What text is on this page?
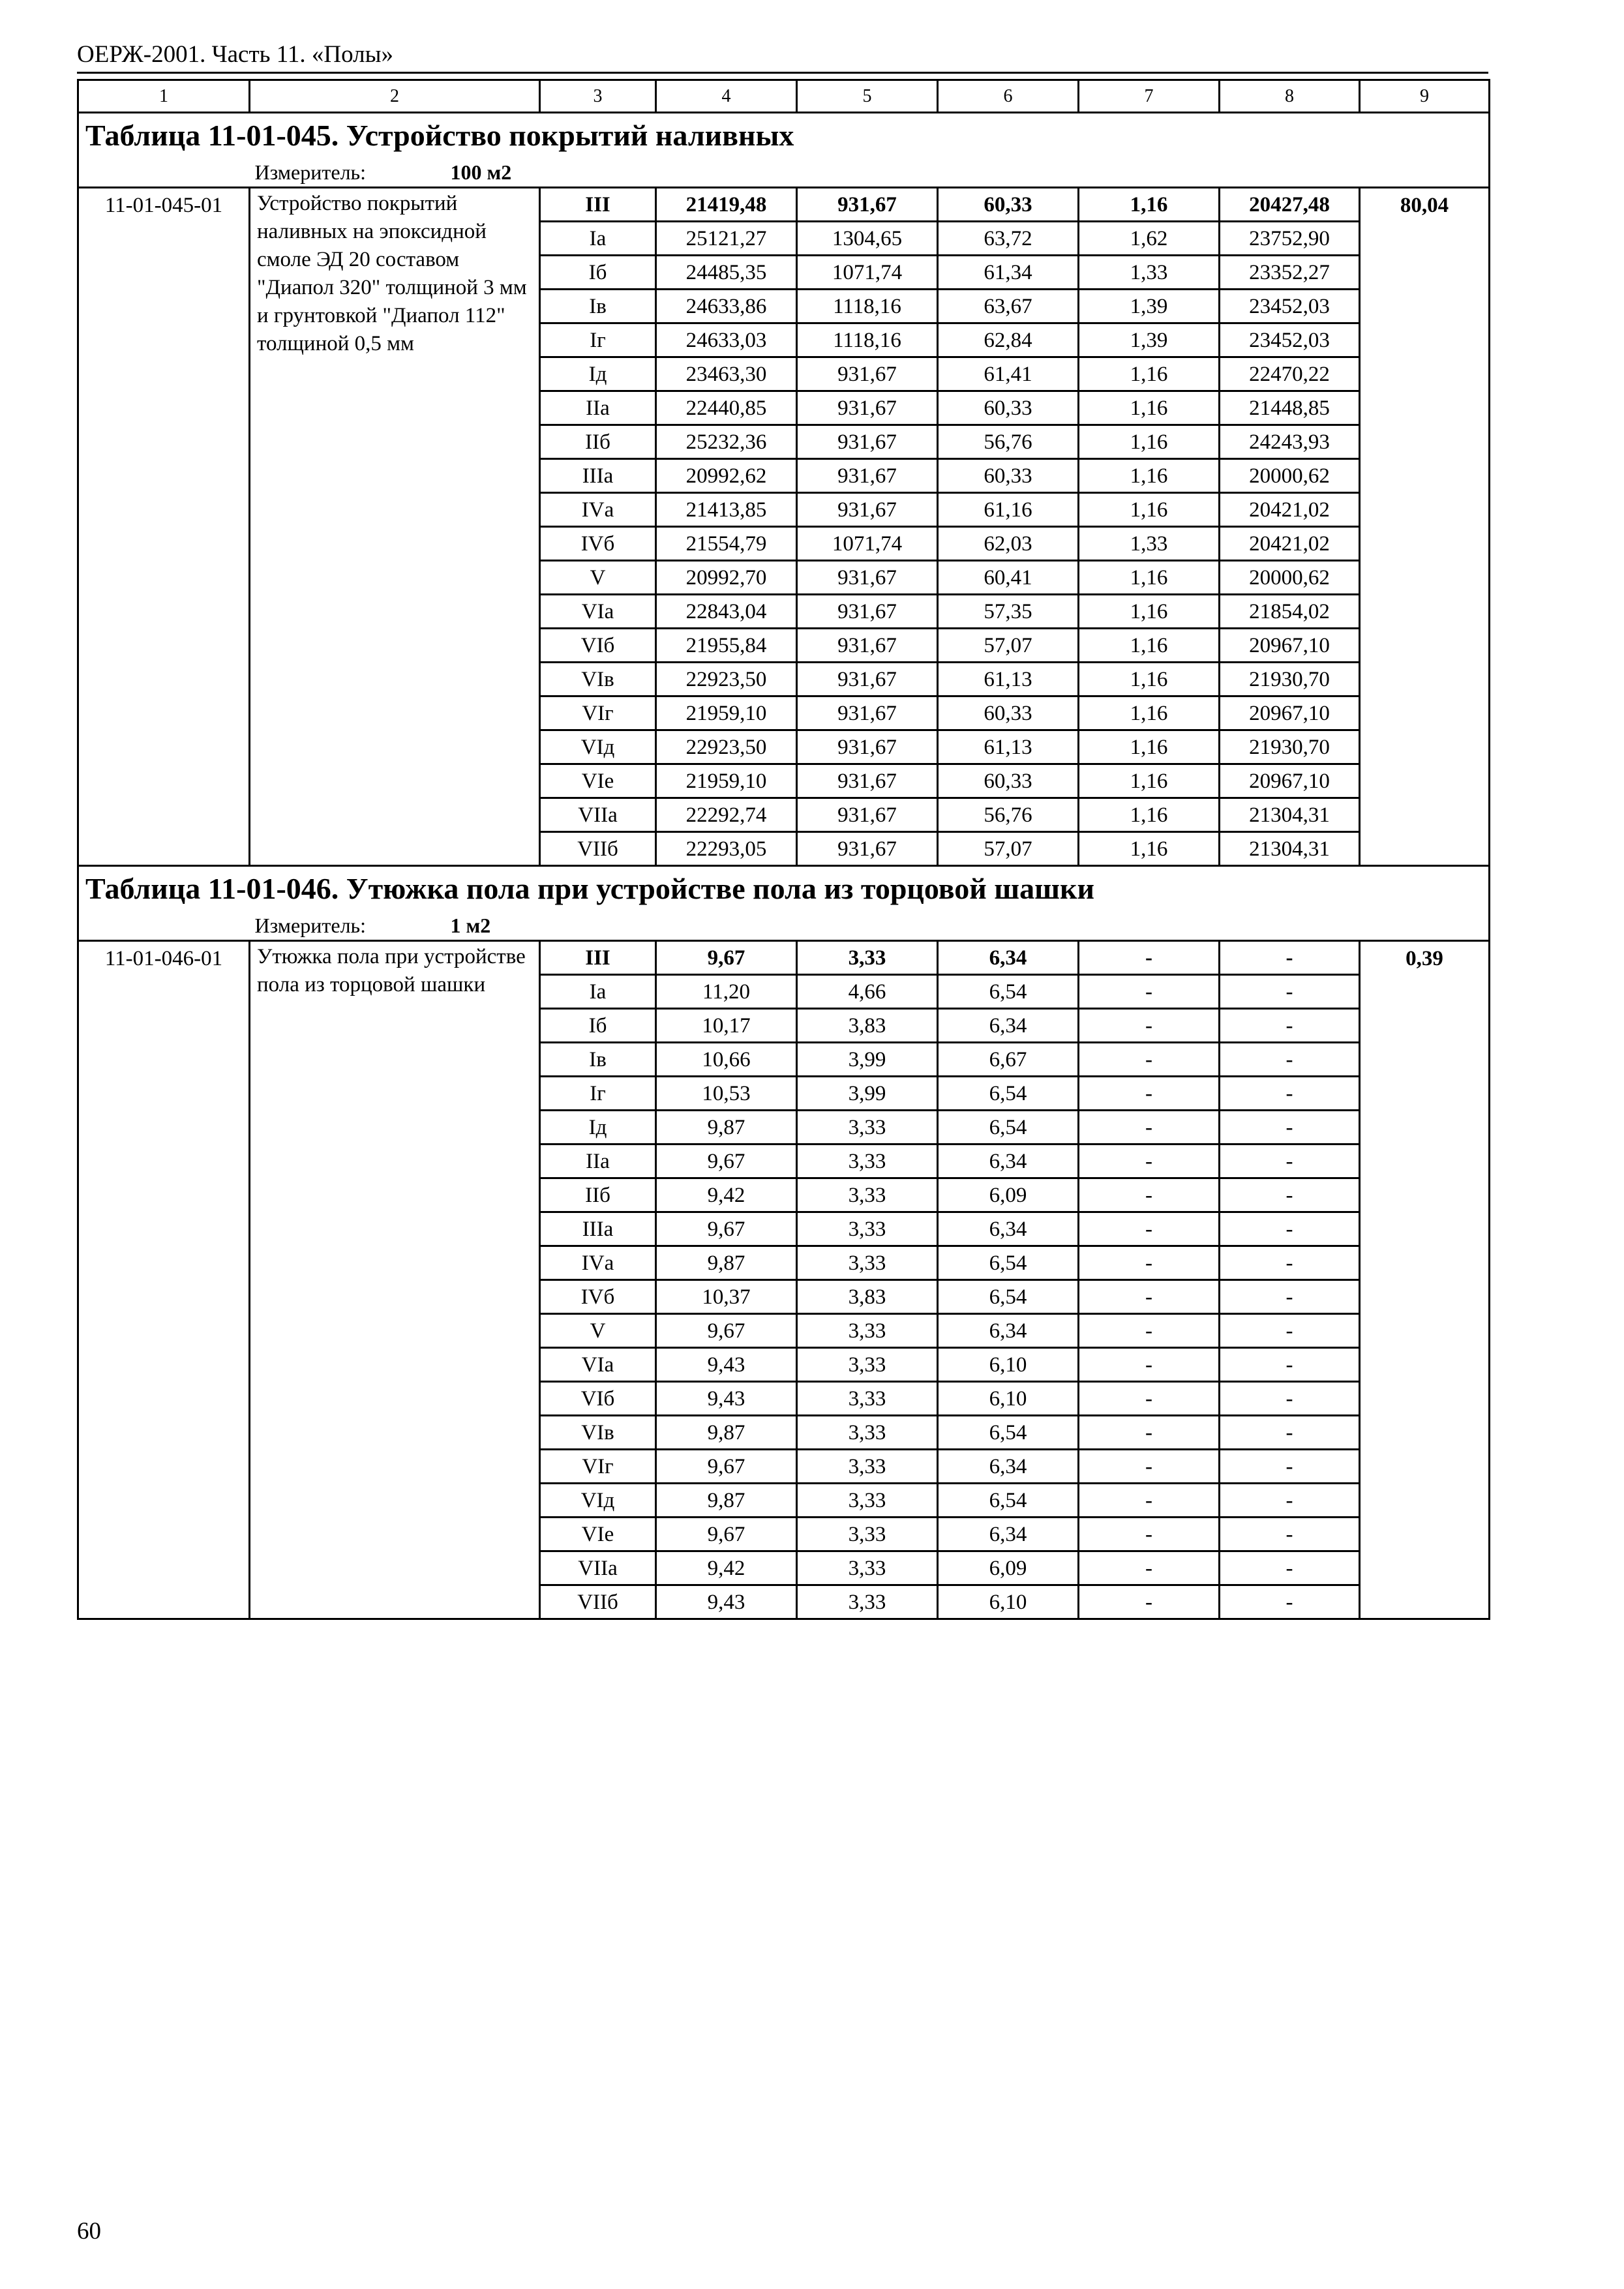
ОЕРЖ-2001. Часть 11. «Полы»
1	2	3	4	5	6	7	8	9
Таблица 11-01-045. Устройство покрытий наливных								
	Измеритель: 100 м2							
11-01-045-01	Устройство покрытий наливных на эпоксидной смоле ЭД 20 составом "Диапол 320" толщиной 3 мм и грунтовкой "Диапол 112" толщиной 0,5 мм	III	21419,48	931,67	60,33	1,16	20427,48	80,04
		Iа	25121,27	1304,65	63,72	1,62	23752,90	
		Iб	24485,35	1071,74	61,34	1,33	23352,27	
		Iв	24633,86	1118,16	63,67	1,39	23452,03	
		Iг	24633,03	1118,16	62,84	1,39	23452,03	
		Iд	23463,30	931,67	61,41	1,16	22470,22	
		IIа	22440,85	931,67	60,33	1,16	21448,85	
		IIб	25232,36	931,67	56,76	1,16	24243,93	
		IIIа	20992,62	931,67	60,33	1,16	20000,62	
		IVа	21413,85	931,67	61,16	1,16	20421,02	
		IVб	21554,79	1071,74	62,03	1,33	20421,02	
		V	20992,70	931,67	60,41	1,16	20000,62	
		VIа	22843,04	931,67	57,35	1,16	21854,02	
		VIб	21955,84	931,67	57,07	1,16	20967,10	
		VIв	22923,50	931,67	61,13	1,16	21930,70	
		VIг	21959,10	931,67	60,33	1,16	20967,10	
		VIд	22923,50	931,67	61,13	1,16	21930,70	
		VIе	21959,10	931,67	60,33	1,16	20967,10	
		VIIа	22292,74	931,67	56,76	1,16	21304,31	
		VIIб	22293,05	931,67	57,07	1,16	21304,31	
Таблица 11-01-046. Утюжка пола при устройстве пола из торцовой шашки								
	Измеритель: 1 м2							
11-01-046-01	Утюжка пола при устройстве пола из торцовой шашки	III	9,67	3,33	6,34	-	-	0,39
		Iа	11,20	4,66	6,54	-	-	
		Iб	10,17	3,83	6,34	-	-	
		Iв	10,66	3,99	6,67	-	-	
		Iг	10,53	3,99	6,54	-	-	
		Iд	9,87	3,33	6,54	-	-	
		IIа	9,67	3,33	6,34	-	-	
		IIб	9,42	3,33	6,09	-	-	
		IIIа	9,67	3,33	6,34	-	-	
		IVа	9,87	3,33	6,54	-	-	
		IVб	10,37	3,83	6,54	-	-	
		V	9,67	3,33	6,34	-	-	
		VIа	9,43	3,33	6,10	-	-	
		VIб	9,43	3,33	6,10	-	-	
		VIв	9,87	3,33	6,54	-	-	
		VIг	9,67	3,33	6,34	-	-	
		VIд	9,87	3,33	6,54	-	-	
		VIе	9,67	3,33	6,34	-	-	
		VIIа	9,42	3,33	6,09	-	-	
		VIIб	9,43	3,33	6,10	-	-	
60
